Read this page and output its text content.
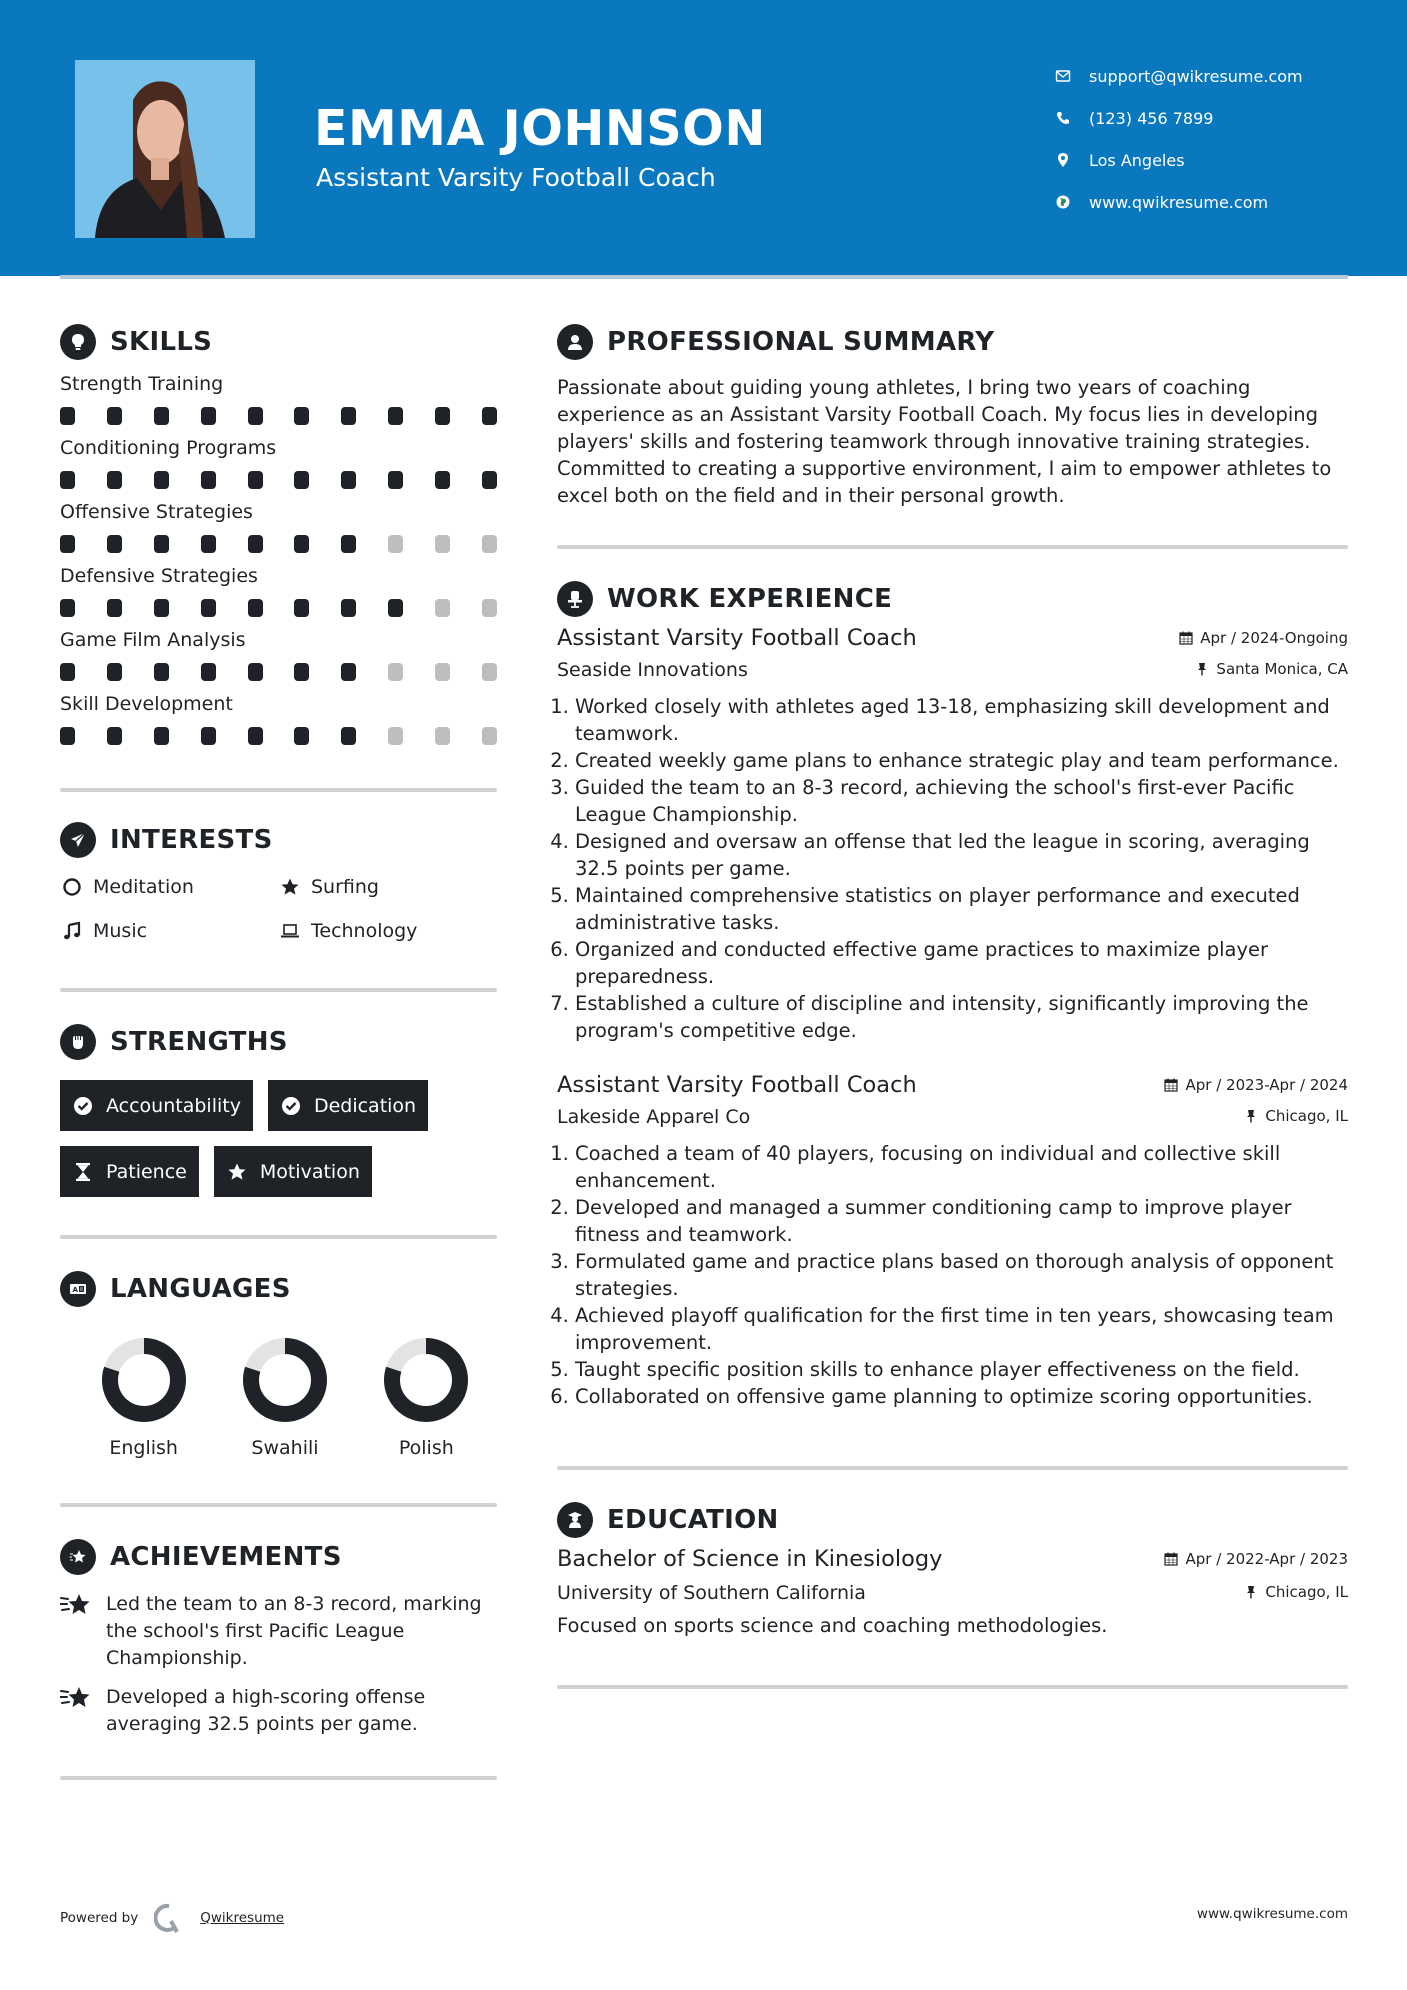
EMMA JOHNSON
Assistant Varsity Football Coach
support@qwikresume.com
(123) 456 7899
Los Angeles
www.qwikresume.com
SKILLS
Strength Training
Conditioning Programs
Offensive Strategies
Defensive Strategies
Game Film Analysis
Skill Development
INTERESTS
Meditation	Surfing
Music	Technology
STRENGTHS
Accountability	Dedication
Patience	Motivation
A LANGUAGES
English	Swahili	Polish
ACHIEVEMENTS
Led the team to an 8-3 record, marking the school's first Pacific League Championship.
Developed a high-scoring offense averaging 32.5 points per game.
PROFESSIONAL SUMMARY

Passionate about guiding young athletes, I bring two years of coaching experience as an Assistant Varsity Football Coach. My focus lies in developing players' skills and fostering teamwork through innovative training strategies. Committed to creating a supportive environment, I aim to empower athletes to excel both on the field and in their personal growth.

WORK EXPERIENCE
Assistant Varsity Football Coach	Apr / 2024-Ongoing
Seaside Innovations	Santa Monica, CA
1. Worked closely with athletes aged 13-18, emphasizing skill development and teamwork.
2. Created weekly game plans to enhance strategic play and team performance.
3. Guided the team to an 8-3 record, achieving the school's first-ever Pacific League Championship.
4. Designed and oversaw an offense that led the league in scoring, averaging 32.5 points per game.
5. Maintained comprehensive statistics on player performance and executed administrative tasks.
6. Organized and conducted effective game practices to maximize player preparedness.
7. Established a culture of discipline and intensity, significantly improving the program's competitive edge.
Assistant Varsity Football Coach	Apr / 2023-Apr / 2024
Lakeside Apparel Co	Chicago, IL
1. Coached a team of 40 players, focusing on individual and collective skill enhancement.
2. Developed and managed a summer conditioning camp to improve player fitness and teamwork.
3. Formulated game and practice plans based on thorough analysis of opponent strategies.
4. Achieved playoff qualification for the first time in ten years, showcasing team improvement.
5. Taught specific position skills to enhance player effectiveness on the field.
6. Collaborated on offensive game planning to optimize scoring opportunities.
EDUCATION
Bachelor of Science in Kinesiology	Apr / 2022-Apr / 2023
University of Southern California	Chicago, IL

Focused on sports science and coaching methodologies.

Powered by	Qwikresume	www.qwikresume.com
